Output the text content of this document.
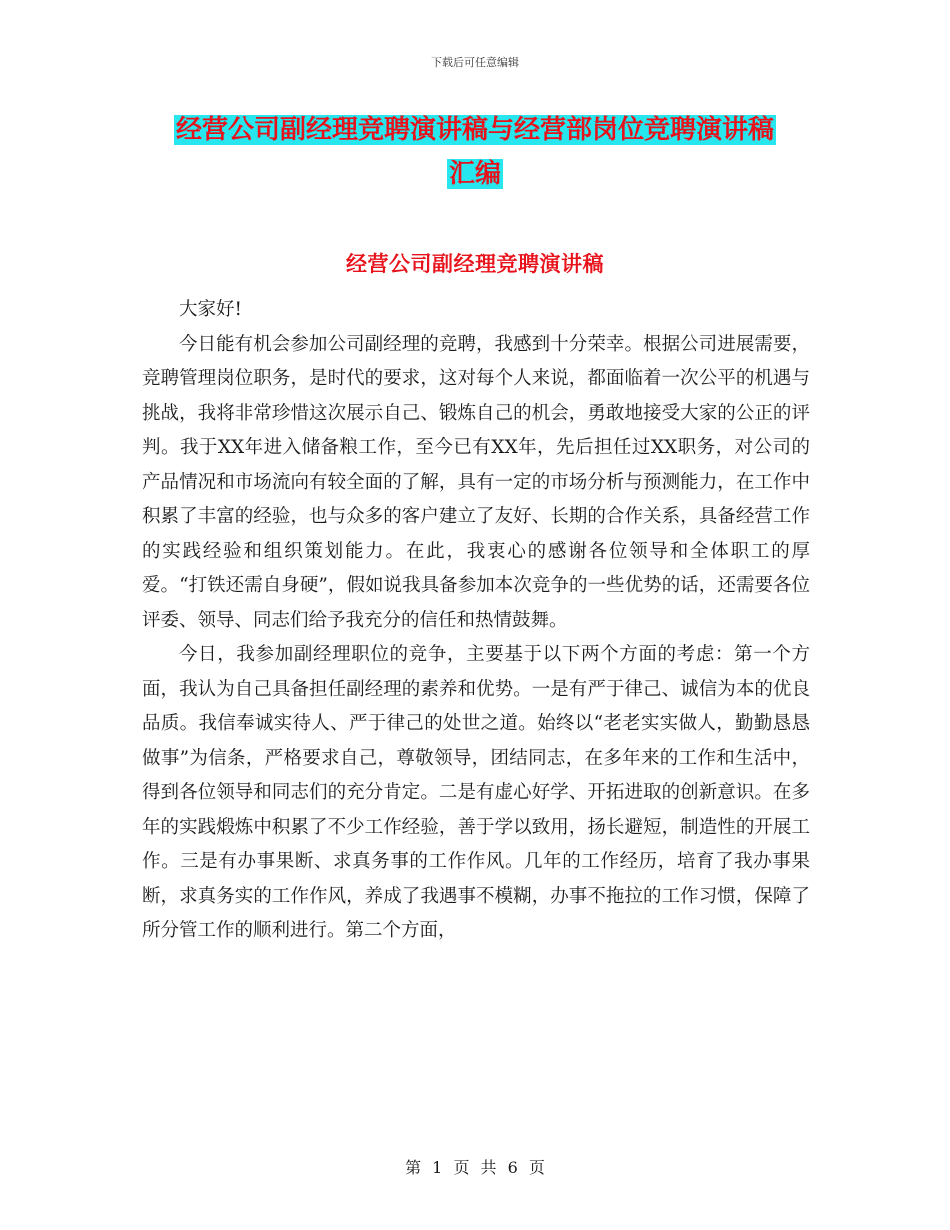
下载后可任意编辑
经营公司副经理竞聘演讲稿与经营部岗位竞聘演讲稿
汇编
经营公司副经理竞聘演讲稿

大家好!

今日能有机会参加公司副经理的竞聘，我感到十分荣幸。根据公司进展需要，竞聘管理岗位职务，是时代的要求，这对每个人来说，都面临着一次公平的机遇与挑战，我将非常珍惜这次展示自己、锻炼自己的机会，勇敢地接受大家的公正的评判。我于XX年进入储备粮工作，至今已有XX年，先后担任过XX职务，对公司的产品情况和市场流向有较全面的了解，具有一定的市场分析与预测能力，在工作中积累了丰富的经验，也与众多的客户建立了友好、长期的合作关系，具备经营工作的实践经验和组织策划能力。在此，我衷心的感谢各位领导和全体职工的厚爱。“打铁还需自身硬”，假如说我具备参加本次竞争的一些优势的话，还需要各位评委、领导、同志们给予我充分的信任和热情鼓舞。

今日，我参加副经理职位的竞争，主要基于以下两个方面的考虑：第一个方面，我认为自己具备担任副经理的素养和优势。一是有严于律己、诚信为本的优良品质。我信奉诚实待人、严于律己的处世之道。始终以“老老实实做人，勤勤恳恳做事”为信条，严格要求自己，尊敬领导，团结同志，在多年来的工作和生活中，得到各位领导和同志们的充分肯定。二是有虚心好学、开拓进取的创新意识。在多年的实践煅炼中积累了不少工作经验，善于学以致用，扬长避短，制造性的开展工作。三是有办事果断、求真务事的工作作风。几年的工作经历，培育了我办事果断，求真务实的工作作风，养成了我遇事不模糊，办事不拖拉的工作习惯，保障了所分管工作的顺利进行。第二个方面，

第 1 页 共 6 页
